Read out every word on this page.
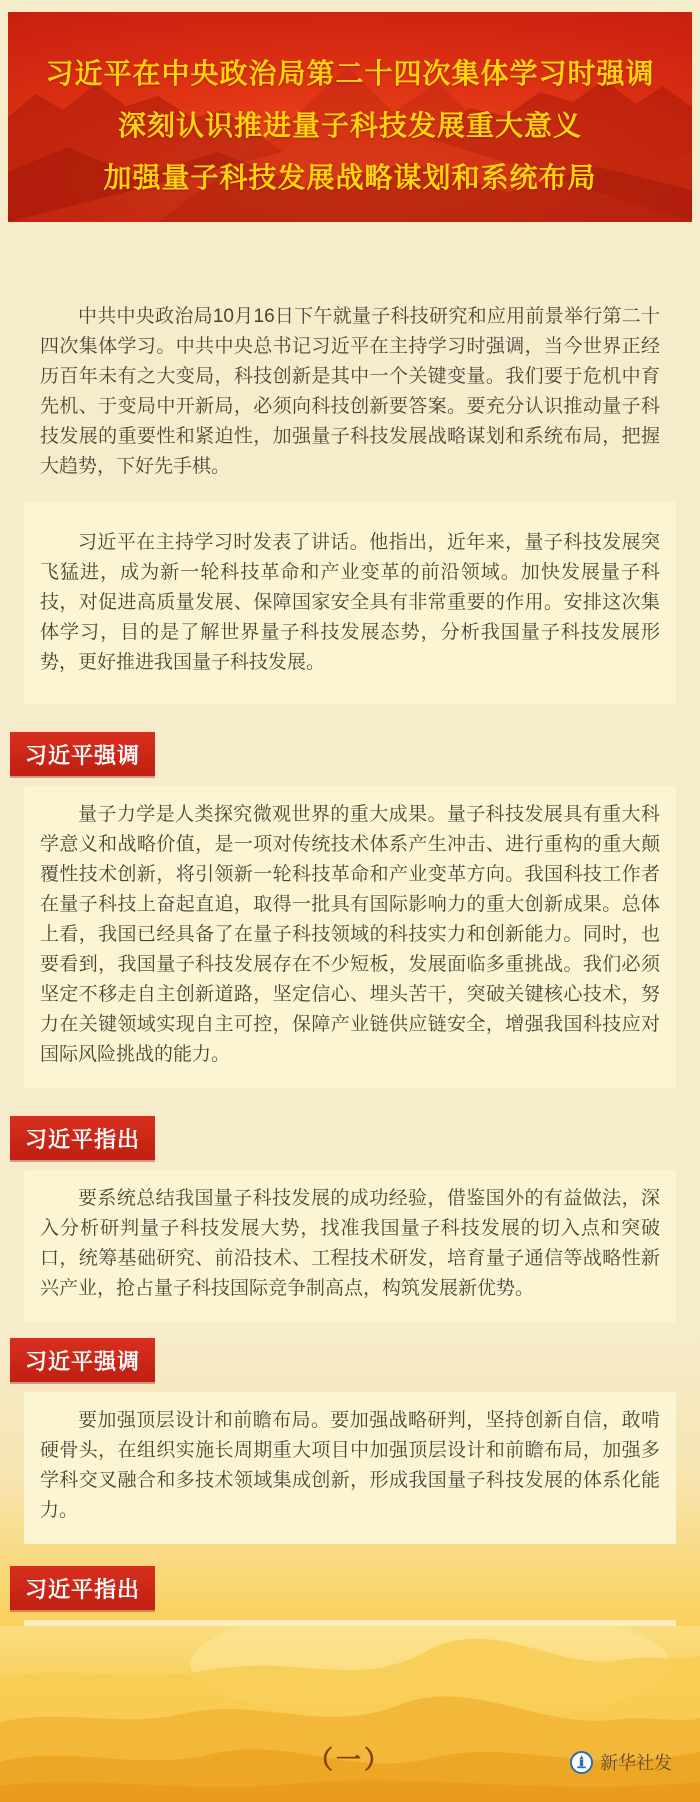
习近平在中央政治局第二十四次集体学习时强调
深刻认识推进量子科技发展重大意义
加强量子科技发展战略谋划和系统布局

中共中央政治局10月16日下午就量子科技研究和应用前景举行第二十四次集体学习。中共中央总书记习近平在主持学习时强调，当今世界正经历百年未有之大变局，科技创新是其中一个关键变量。我们要于危机中育先机、于变局中开新局，必须向科技创新要答案。要充分认识推动量子科技发展的重要性和紧迫性，加强量子科技发展战略谋划和系统布局，把握大趋势，下好先手棋。

习近平在主持学习时发表了讲话。他指出，近年来，量子科技发展突飞猛进，成为新一轮科技革命和产业变革的前沿领域。加快发展量子科技，对促进高质量发展、保障国家安全具有非常重要的作用。安排这次集体学习，目的是了解世界量子科技发展态势，分析我国量子科技发展形势，更好推进我国量子科技发展。

习近平强调

量子力学是人类探究微观世界的重大成果。量子科技发展具有重大科学意义和战略价值，是一项对传统技术体系产生冲击、进行重构的重大颠覆性技术创新，将引领新一轮科技革命和产业变革方向。我国科技工作者在量子科技上奋起直追，取得一批具有国际影响力的重大创新成果。总体上看，我国已经具备了在量子科技领域的科技实力和创新能力。同时，也要看到，我国量子科技发展存在不少短板，发展面临多重挑战。我们必须坚定不移走自主创新道路，坚定信心、埋头苦干，突破关键核心技术，努力在关键领域实现自主可控，保障产业链供应链安全，增强我国科技应对国际风险挑战的能力。

习近平指出

要系统总结我国量子科技发展的成功经验，借鉴国外的有益做法，深入分析研判量子科技发展大势，找准我国量子科技发展的切入点和突破口，统筹基础研究、前沿技术、工程技术研发，培育量子通信等战略性新兴产业，抢占量子科技国际竞争制高点，构筑发展新优势。

习近平强调

要加强顶层设计和前瞻布局。要加强战略研判，坚持创新自信，敢啃硬骨头，在组织实施长周期重大项目中加强顶层设计和前瞻布局，加强多学科交叉融合和多技术领域集成创新，形成我国量子科技发展的体系化能力。

习近平指出

（一）	新华社发
